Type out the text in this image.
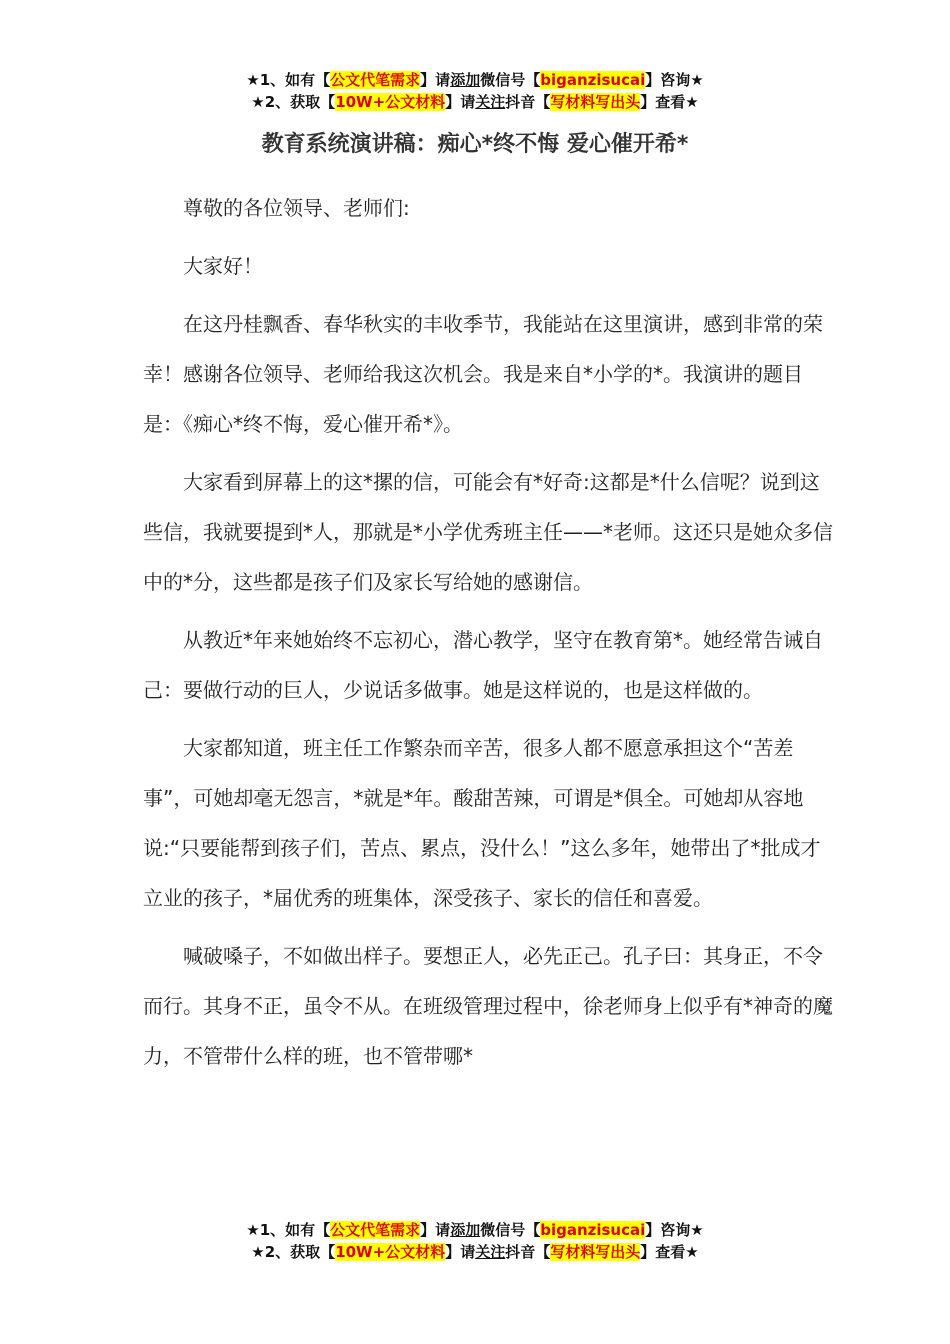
★1、如有【公文代笔需求】请添加微信号【biganzisucai】咨询★
★2、获取【10W+公文材料】请关注抖音【写材料写出头】查看★
教育系统演讲稿：痴心*终不悔 爱心催开希*

尊敬的各位领导、老师们:

大家好！

在这丹桂飘香、春华秋实的丰收季节，我能站在这里演讲，感到非常的荣幸！感谢各位领导、老师给我这次机会。我是来自*小学的*。我演讲的题目是：《痴心*终不悔，爱心催开希*》。

大家看到屏幕上的这*摞的信，可能会有*好奇:这都是*什么信呢？说到这些信，我就要提到*人，那就是*小学优秀班主任——*老师。这还只是她众多信中的*分，这些都是孩子们及家长写给她的感谢信。

从教近*年来她始终不忘初心，潜心教学，坚守在教育第*。她经常告诫自己：要做行动的巨人，少说话多做事。她是这样说的，也是这样做的。

大家都知道，班主任工作繁杂而辛苦，很多人都不愿意承担这个“苦差事”，可她却毫无怨言，*就是*年。酸甜苦辣，可谓是*俱全。可她却从容地说:“只要能帮到孩子们，苦点、累点，没什么！”这么多年，她带出了*批成才立业的孩子，*届优秀的班集体，深受孩子、家长的信任和喜爱。

喊破嗓子，不如做出样子。要想正人，必先正己。孔子曰：其身正，不令而行。其身不正，虽令不从。在班级管理过程中，徐老师身上似乎有*神奇的魔力，不管带什么样的班，也不管带哪*

★1、如有【公文代笔需求】请添加微信号【biganzisucai】咨询★
★2、获取【10W+公文材料】请关注抖音【写材料写出头】查看★
